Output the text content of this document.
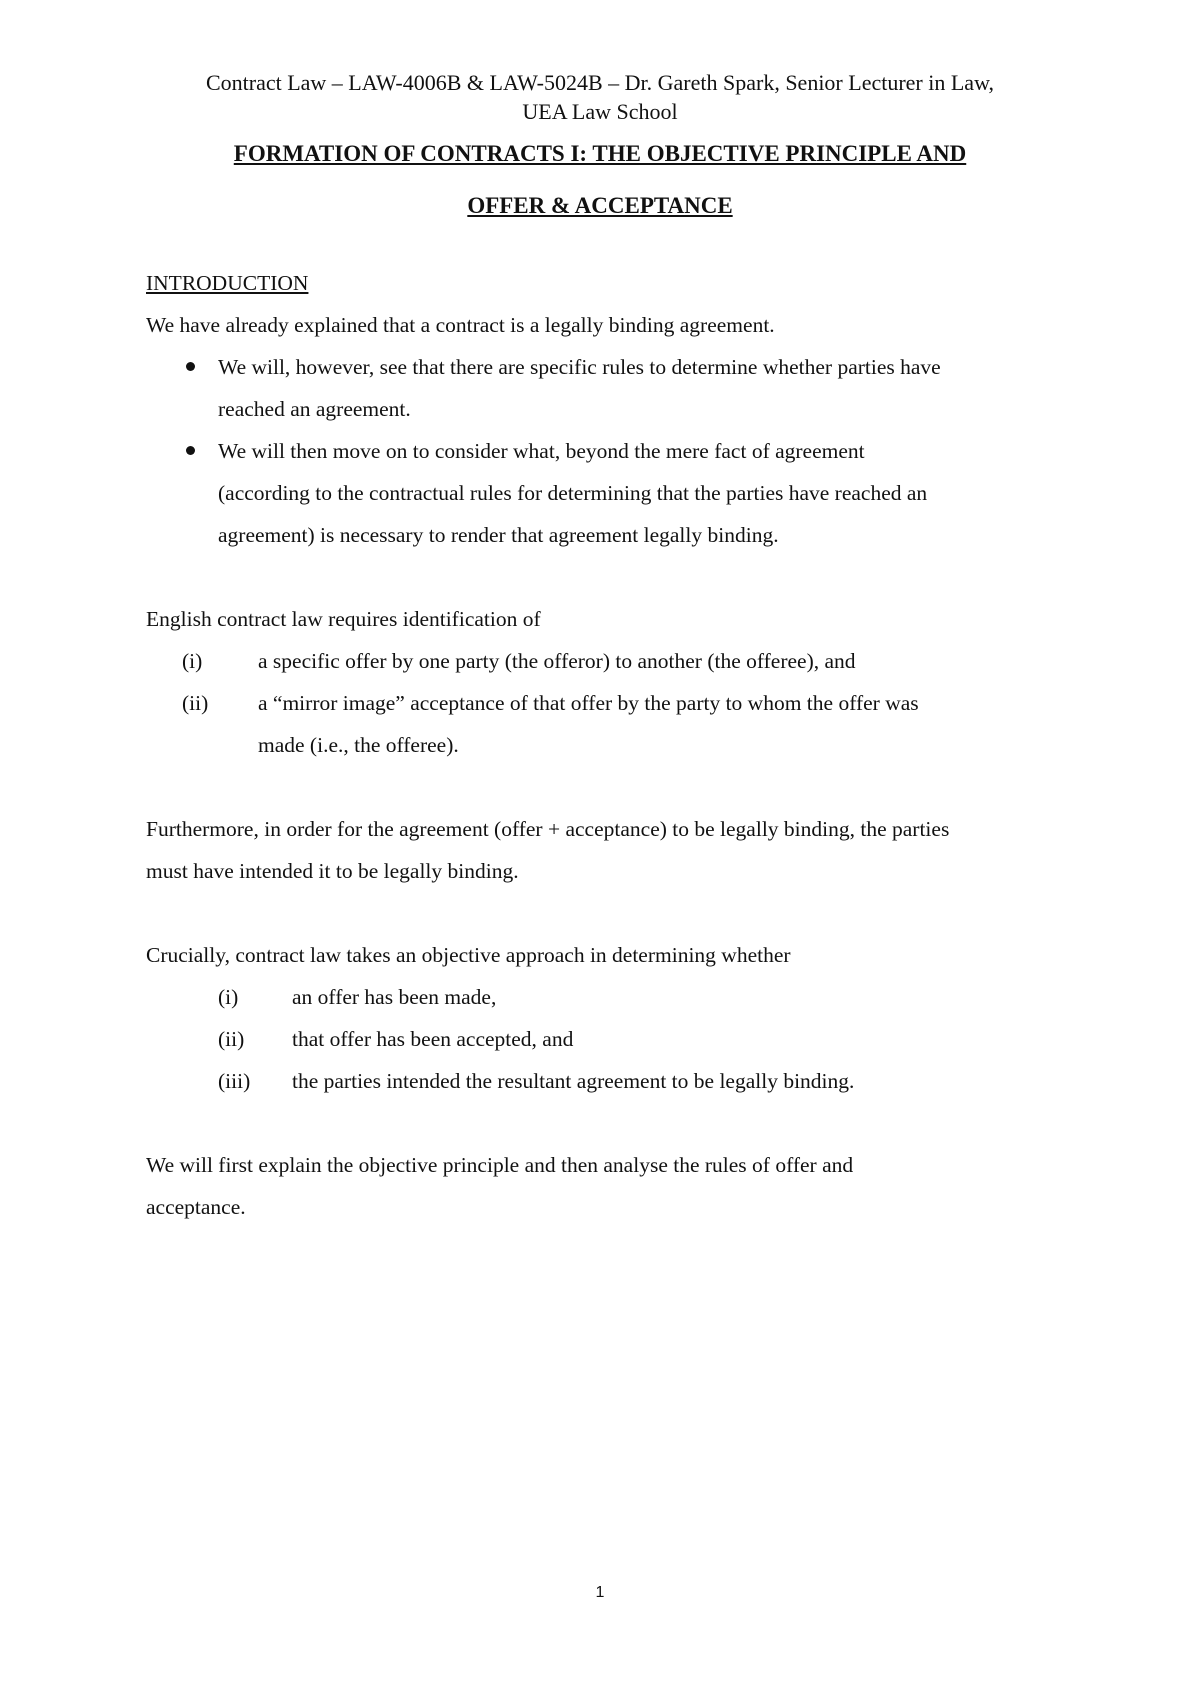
Contract Law – LAW-4006B & LAW-5024B – Dr. Gareth Spark, Senior Lecturer in Law,
UEA Law School
FORMATION OF CONTRACTS I: THE OBJECTIVE PRINCIPLE AND
OFFER & ACCEPTANCE

INTRODUCTION

We have already explained that a contract is a legally binding agreement.

We will, however, see that there are specific rules to determine whether parties have
reached an agreement.
We will then move on to consider what, beyond the mere fact of agreement
(according to the contractual rules for determining that the parties have reached an
agreement) is necessary to render that agreement legally binding.

English contract law requires identification of

(i)	a specific offer by one party (the offeror) to another (the offeree), and
(ii)	a “mirror image” acceptance of that offer by the party to whom the offer was
made (i.e., the offeree).

Furthermore, in order for the agreement (offer + acceptance) to be legally binding, the parties

must have intended it to be legally binding.

Crucially, contract law takes an objective approach in determining whether

(i)	an offer has been made,
(ii)	that offer has been accepted, and
(iii)	the parties intended the resultant agreement to be legally binding.

We will first explain the objective principle and then analyse the rules of offer and

acceptance.

1
